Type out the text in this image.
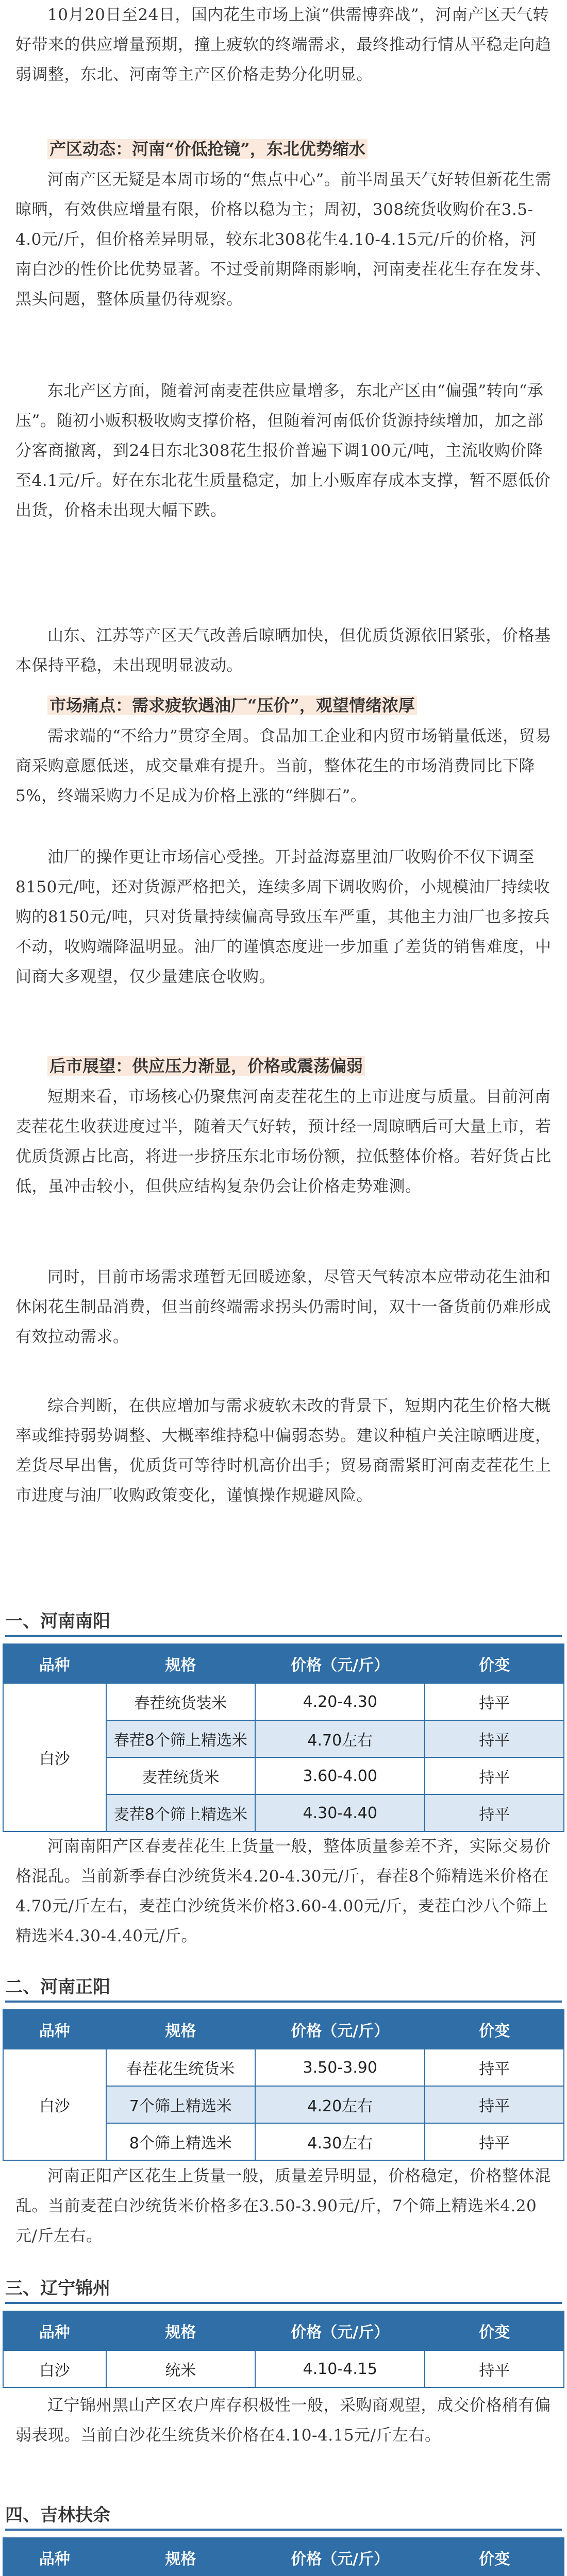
10月20日至24日，国内花生市场上演“供需博弈战”，河南产区天气转好带来的供应增量预期，撞上疲软的终端需求，最终推动行情从平稳走向趋弱调整，东北、河南等主产区价格走势分化明显。

产区动态：河南“价低抢镜”，东北优势缩水

河南产区无疑是本周市场的“焦点中心”。前半周虽天气好转但新花生需晾晒，有效供应增量有限，价格以稳为主；周初，308统货收购价在3.5-4.0元/斤，但价格差异明显，较东北308花生4.10-4.15元/斤的价格，河南白沙的性价比优势显著。不过受前期降雨影响，河南麦茬花生存在发芽、黑头问题，整体质量仍待观察。

东北产区方面，随着河南麦茬供应量增多，东北产区由“偏强”转向“承压”。随初小贩积极收购支撑价格，但随着河南低价货源持续增加，加之部分客商撤离，到24日东北308花生报价普遍下调100元/吨，主流收购价降至4.1元/斤。好在东北花生质量稳定，加上小贩库存成本支撑，暂不愿低价出货，价格未出现大幅下跌。

山东、江苏等产区天气改善后晾晒加快，但优质货源依旧紧张，价格基本保持平稳，未出现明显波动。

市场痛点：需求疲软遇油厂“压价”，观望情绪浓厚

需求端的“不给力”贯穿全周。食品加工企业和内贸市场销量低迷，贸易商采购意愿低迷，成交量难有提升。当前，整体花生的市场消费同比下降5%，终端采购力不足成为价格上涨的“绊脚石”。

油厂的操作更让市场信心受挫。开封益海嘉里油厂收购价不仅下调至8150元/吨，还对货源严格把关，连续多周下调收购价，小规模油厂持续收购的8150元/吨，只对货量持续偏高导致压车严重，其他主力油厂也多按兵不动，收购端降温明显。油厂的谨慎态度进一步加重了差货的销售难度，中间商大多观望，仅少量建底仓收购。

后市展望：供应压力渐显，价格或震荡偏弱

短期来看，市场核心仍聚焦河南麦茬花生的上市进度与质量。目前河南麦茬花生收获进度过半，随着天气好转，预计经一周晾晒后可大量上市，若优质货源占比高，将进一步挤压东北市场份额，拉低整体价格。若好货占比低，虽冲击较小，但供应结构复杂仍会让价格走势难测。

同时，目前市场需求瑾暂无回暖迹象，尽管天气转凉本应带动花生油和休闲花生制品消费，但当前终端需求拐头仍需时间，双十一备货前仍难形成有效拉动需求。

综合判断，在供应增加与需求疲软未改的背景下，短期内花生价格大概率或维持弱势调整、大概率维持稳中偏弱态势。建议种植户关注晾晒进度，差货尽早出售，优质货可等待时机高价出手；贸易商需紧盯河南麦茬花生上市进度与油厂收购政策变化，谨慎操作规避风险。

一、河南南阳
品种	规格	价格（元/斤）	价变
白沙	春茬统货装米	4.20-4.30	持平
	春茬8个筛上精选米	4.70左右	持平
	麦茬统货米	3.60-4.00	持平
	麦茬8个筛上精选米	4.30-4.40	持平

河南南阳产区春麦茬花生上货量一般，整体质量参差不齐，实际交易价格混乱。当前新季春白沙统货米4.20-4.30元/斤，春茬8个筛精选米价格在4.70元/斤左右，麦茬白沙统货米价格3.60-4.00元/斤，麦茬白沙八个筛上精选米4.30-4.40元/斤。

二、河南正阳
品种	规格	价格（元/斤）	价变
白沙	春茬花生统货米	3.50-3.90	持平
	7个筛上精选米	4.20左右	持平
	8个筛上精选米	4.30左右	持平

河南正阳产区花生上货量一般，质量差异明显，价格稳定，价格整体混乱。当前麦茬白沙统货米价格多在3.50-3.90元/斤，7个筛上精选米4.20元/斤左右。

三、辽宁锦州
品种	规格	价格（元/斤）	价变
白沙	统米	4.10-4.15	持平

辽宁锦州黑山产区农户库存积极性一般，采购商观望，成交价格稍有偏弱表现。当前白沙花生统货米价格在4.10-4.15元/斤左右。

四、吉林扶余
品种	规格	价格（元/斤）	价变
